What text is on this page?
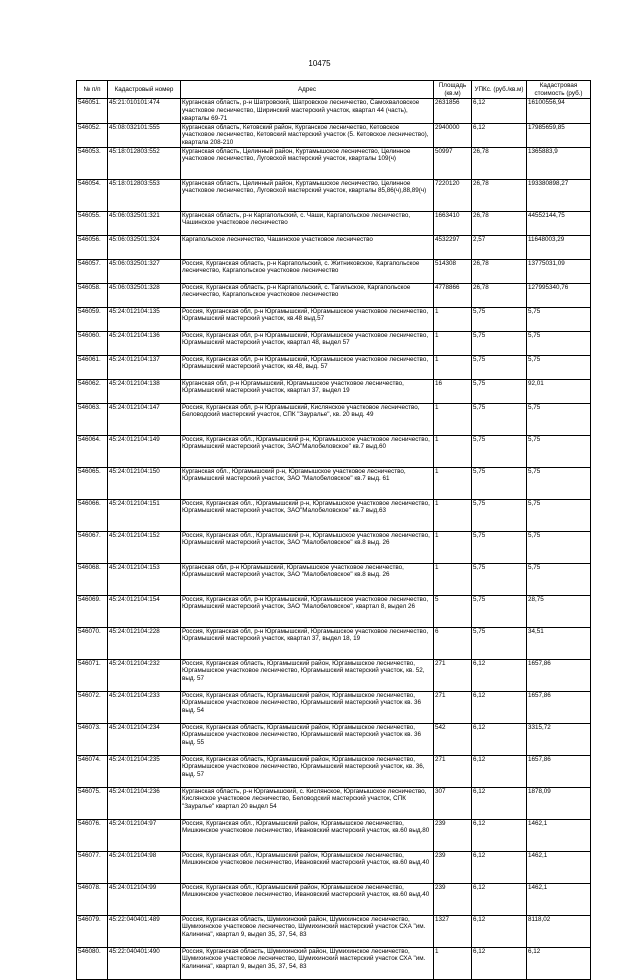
10475
№ п/п	Кадастровый номер	Адрес	Площадь (кв.м)	УПКс. (руб./кв.м)	Кадастровая стоимость (руб.)
546051.	45:21:010101:474	Курганская область, р-н Шатровский, Шатровское лесничество, Самохваловское участковое лесничество, Ширинский мастерский участок, квартал 44 (часть), кварталы 69-71	2631856	6,12	16100556,94
546052.	45:08:032101:555	Курганская область, Кетовский район, Курганское лесничество, Кетовское участковое лесничество, Кетовский мастерский участок (5. Кетовское лесничество), квартала 208-210	2940000	6,12	17985659,85
546053.	45:18:012803:552	Курганская область, Целинный район, Куртамышское лесничество, Целинное участковое лесничество, Луговской мастерский участок, кварталы 109(ч)	50997	26,78	1365883,9
546054.	45:18:012803:553	Курганская область, Целинный район, Куртамышское лесничество, Целинное участковое лесничество, Луговской мастерский участок, кварталы 85,86(ч),88,89(ч)	7220120	26,78	193380898,27
546055.	45:06:032501:321	Курганская область, р-н Каргапольский, с. Чаши, Каргапольское лесничество, Чашинское участковое лесничество	1663410	26,78	44552144,75
546056.	45:06:032501:324	Каргапольское лесничество, Чашинское участковое лесничество	4532297	2,57	11648003,29
546057.	45:06:032501:327	Россия, Курганская область, р-н Каргапольский, с. Житниковское, Каргапольское лесничество, Каргапольское участковое лесничество	514308	26,78	13775031,09
546058.	45:06:032501:328	Россия, Курганская область, р-н Каргапольский, с. Тагильское, Каргапольское лесничество, Каргапольское участковое лесничество	4778866	26,78	127995340,76
546059.	45:24:012104:135	Россия, Курганская обл, р-н Юргамышский, Юргамышское участковое лесничество, Юргамышский мастерский участок, кв.48 выд.57	1	5,75	5,75
546060.	45:24:012104:136	Россия, Курганская обл, р-н Юргамышский, Юргамышское участковое лесничество, Юргамышский мастерский участок, квартал 48, выдел 57	1	5,75	5,75
546061.	45:24:012104:137	Россия, Курганская обл, р-н Юргамышский, Юргамышское участковое лесничество, Юргамышский мастерский участок, кв.48, выд. 57	1	5,75	5,75
546062.	45:24:012104:138	Курганская обл, р-н Юргамышский, Юргамышское участковое лесничество, Юргамышский мастерский участок, квартал 37, выдел 19	16	5,75	92,01
546063.	45:24:012104:147	Россия, Курганская обл, р-н Юргамышский, Кислянское участковое лесничество, Беловодский мастерский участок, СПК "Зауралье", кв. 20 выд. 49	1	5,75	5,75
546064.	45:24:012104:149	Россия, Курганская обл., Юргамышский р-н, Юргамышское участковое лесничество, Юргамышский мастерский участок, ЗАО"Малобеловское" кв.7 выд.60	1	5,75	5,75
546065.	45:24:012104:150	Курганская обл., Юргамышский р-н, Юргамышское участковое лесничество, Юргамышский мастерский участок, ЗАО "Малобеловское" кв.7 выд. 61	1	5,75	5,75
546066.	45:24:012104:151	Россия, Курганская обл., Юргамышский р-н, Юргамышское участковое лесничество, Юргамышский мастерский участок, ЗАО"Малобеловское" кв.7 выд.63	1	5,75	5,75
546067.	45:24:012104:152	Россия, Курганская обл., Юргамышский р-н, Юргамышское участковое лесничество, Юргамышский мастерский участок, ЗАО "Малобеловское" кв.8 выд. 26	1	5,75	5,75
546068.	45:24:012104:153	Курганская обл, р-н Юргамышский, Юргамышское участковое лесничество, Юргамышский мастерский участок, ЗАО "Малобеловское" кв.8 выд. 26	1	5,75	5,75
546069.	45:24:012104:154	Россия, Курганская обл, р-н Юргамышский, Юргамышское участковое лесничество, Юргамышский мастерский участок, ЗАО "Малобеловское", квартал 8, выдел 26	5	5,75	28,75
546070.	45:24:012104:228	Россия, Курганская обл, р-н Юргамышский, Юргамышское участковое лесничество, Юргамышский мастерский участок, квартал 37, выдел 18, 19	6	5,75	34,51
546071.	45:24:012104:232	Россия, Курганская область, Юргамышский район, Юргамышское лесничество, Юргамышское участковое лесничество, Юргамышский мастерский участок, кв. 52, выд. 57	271	6,12	1657,86
546072.	45:24:012104:233	Россия, Курганская область, Юргамышский район, Юргамышское лесничество, Юргамышское участковое лесничество, Юргамышский мастерский участок кв. 36 выд. 54	271	6,12	1657,86
546073.	45:24:012104:234	Россия, Курганская область, Юргамышский район, Юргамышское лесничество, Юргамышское участковое лесничество, Юргамышский мастерский участок кв. 36 выд. 55	542	6,12	3315,72
546074.	45:24:012104:235	Россия, Курганская область, Юргамышский район, Юргамышское лесничество, Юргамышское участковое лесничество, Юргамышский мастерский участок, кв. 36, выд. 57	271	6,12	1657,86
546075.	45:24:012104:236	Курганская область, р-н Юргамышский, с. Кислянское, Юргамышское лесничество, Кислянское участковое лесничество, Беловодский мастерский участок, СПК "Зауралье" квартал 20 выдел 54	307	6,12	1878,09
546076.	45:24:012104:97	Россия, Курганская обл., Юргамышский район, Юргамышское лесничество, Мишкинское участковое лесничество, Ивановский мастерский участок, кв.60 выд.80	239	6,12	1462,1
546077.	45:24:012104:98	Россия, Курганская обл., Юргамышский район, Юргамышское лесничество, Мишкинское участковое лесничество, Ивановский мастерский участок, кв.60 выд.40	239	6,12	1462,1
546078.	45:24:012104:99	Россия, Курганская обл., Юргамышский район, Юргамышское лесничество, Мишкинское участковое лесничество, Ивановский мастерский участок, кв.60 выд.40	239	6,12	1462,1
546079.	45:22:040401:489	Россия, Курганская область, Шумихинский район, Шумихинское лесничество, Шумихинское участковое лесничество, Шумихинский мастерский участок СХА "им. Калинина", квартал 9, выдел 35, 37, 54, 83	1327	6,12	8118,02
546080.	45:22:040401:490	Россия, Курганская область, Шумихинский район, Шумихинское лесничество, Шумихинское участковое лесничество, Шумихинский мастерский участок СХА "им. Калинина", квартал 9, выдел 35, 37, 54, 83	1	6,12	6,12
